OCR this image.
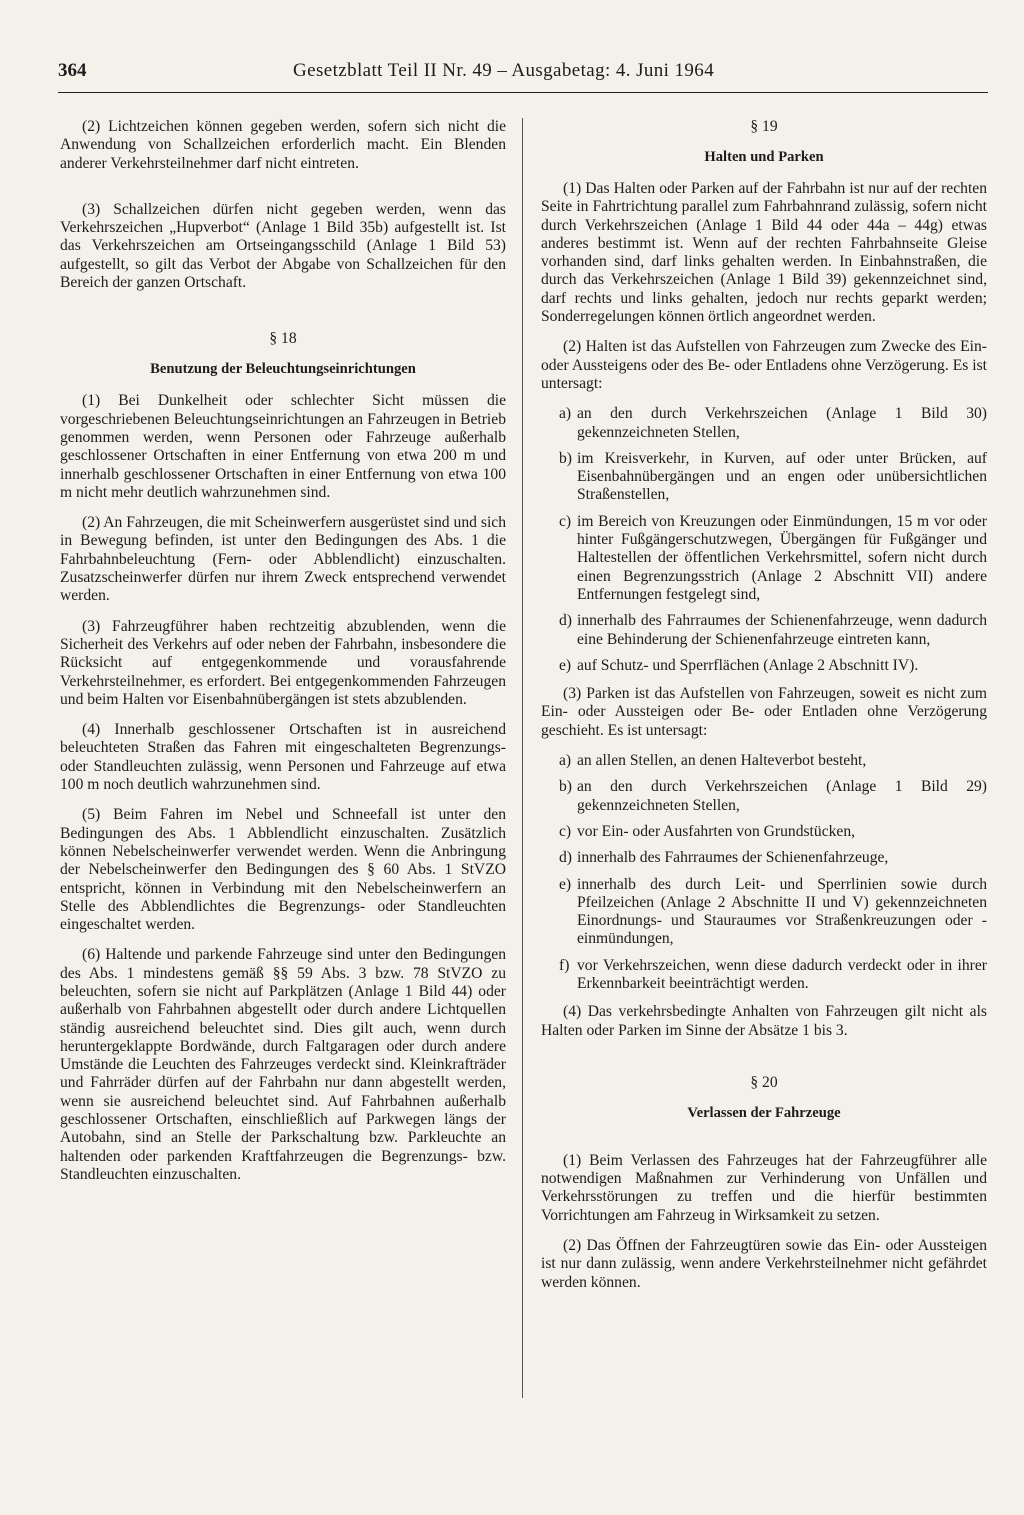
364	Gesetzblatt Teil II Nr. 49 – Ausgabetag: 4. Juni 1964

(2) Lichtzeichen können gegeben werden, sofern sich nicht die Anwendung von Schallzeichen erforderlich macht. Ein Blenden anderer Verkehrsteilnehmer darf nicht eintreten.

(3) Schallzeichen dürfen nicht gegeben werden, wenn das Verkehrszeichen „Hupverbot“ (Anlage 1 Bild 35b) aufgestellt ist. Ist das Verkehrszeichen am Ortseingangsschild (Anlage 1 Bild 53) aufgestellt, so gilt das Verbot der Abgabe von Schallzeichen für den Bereich der ganzen Ortschaft.

§ 18
Benutzung der Beleuchtungseinrichtungen

(1) Bei Dunkelheit oder schlechter Sicht müssen die vorgeschriebenen Beleuchtungseinrichtungen an Fahrzeugen in Betrieb genommen werden, wenn Personen oder Fahrzeuge außerhalb geschlossener Ortschaften in einer Entfernung von etwa 200 m und innerhalb geschlossener Ortschaften in einer Entfernung von etwa 100 m nicht mehr deutlich wahrzunehmen sind.

(2) An Fahrzeugen, die mit Scheinwerfern ausgerüstet sind und sich in Bewegung befinden, ist unter den Bedingungen des Abs. 1 die Fahrbahnbeleuchtung (Fern- oder Abblendlicht) einzuschalten. Zusatzscheinwerfer dürfen nur ihrem Zweck entsprechend verwendet werden.

(3) Fahrzeugführer haben rechtzeitig abzublenden, wenn die Sicherheit des Verkehrs auf oder neben der Fahrbahn, insbesondere die Rücksicht auf entgegenkommende und vorausfahrende Verkehrsteilnehmer, es erfordert. Bei entgegenkommenden Fahrzeugen und beim Halten vor Eisenbahnübergängen ist stets abzublenden.

(4) Innerhalb geschlossener Ortschaften ist in ausreichend beleuchteten Straßen das Fahren mit eingeschalteten Begrenzungs- oder Standleuchten zulässig, wenn Personen und Fahrzeuge auf etwa 100 m noch deutlich wahrzunehmen sind.

(5) Beim Fahren im Nebel und Schneefall ist unter den Bedingungen des Abs. 1 Abblendlicht einzuschalten. Zusätzlich können Nebelscheinwerfer verwendet werden. Wenn die Anbringung der Nebelscheinwerfer den Bedingungen des § 60 Abs. 1 StVZO entspricht, können in Verbindung mit den Nebelscheinwerfern an Stelle des Abblendlichtes die Begrenzungs- oder Standleuchten eingeschaltet werden.

(6) Haltende und parkende Fahrzeuge sind unter den Bedingungen des Abs. 1 mindestens gemäß §§ 59 Abs. 3 bzw. 78 StVZO zu beleuchten, sofern sie nicht auf Parkplätzen (Anlage 1 Bild 44) oder außerhalb von Fahrbahnen abgestellt oder durch andere Lichtquellen ständig ausreichend beleuchtet sind. Dies gilt auch, wenn durch heruntergeklappte Bordwände, durch Faltgaragen oder durch andere Umstände die Leuchten des Fahrzeuges verdeckt sind. Kleinkrafträder und Fahrräder dürfen auf der Fahrbahn nur dann abgestellt werden, wenn sie ausreichend beleuchtet sind. Auf Fahrbahnen außerhalb geschlossener Ortschaften, einschließlich auf Parkwegen längs der Autobahn, sind an Stelle der Parkschaltung bzw. Parkleuchte an haltenden oder parkenden Kraftfahrzeugen die Begrenzungs- bzw. Standleuchten einzuschalten.

§ 19
Halten und Parken

(1) Das Halten oder Parken auf der Fahrbahn ist nur auf der rechten Seite in Fahrtrichtung parallel zum Fahrbahnrand zulässig, sofern nicht durch Verkehrszeichen (Anlage 1 Bild 44 oder 44a – 44g) etwas anderes bestimmt ist. Wenn auf der rechten Fahrbahnseite Gleise vorhanden sind, darf links gehalten werden. In Einbahnstraßen, die durch das Verkehrszeichen (Anlage 1 Bild 39) gekennzeichnet sind, darf rechts und links gehalten, jedoch nur rechts geparkt werden; Sonderregelungen können örtlich angeordnet werden.

(2) Halten ist das Aufstellen von Fahrzeugen zum Zwecke des Ein- oder Aussteigens oder des Be- oder Entladens ohne Verzögerung. Es ist untersagt:

a) an den durch Verkehrszeichen (Anlage 1 Bild 30) gekennzeichneten Stellen,
b) im Kreisverkehr, in Kurven, auf oder unter Brücken, auf Eisenbahnübergängen und an engen oder unübersichtlichen Straßenstellen,
c) im Bereich von Kreuzungen oder Einmündungen, 15 m vor oder hinter Fußgängerschutzwegen, Übergängen für Fußgänger und Haltestellen der öffentlichen Verkehrsmittel, sofern nicht durch einen Begrenzungsstrich (Anlage 2 Abschnitt VII) andere Entfernungen festgelegt sind,
d) innerhalb des Fahrraumes der Schienenfahrzeuge, wenn dadurch eine Behinderung der Schienenfahrzeuge eintreten kann,
e) auf Schutz- und Sperrflächen (Anlage 2 Abschnitt IV).

(3) Parken ist das Aufstellen von Fahrzeugen, soweit es nicht zum Ein- oder Aussteigen oder Be- oder Entladen ohne Verzögerung geschieht. Es ist untersagt:

a) an allen Stellen, an denen Halteverbot besteht,
b) an den durch Verkehrszeichen (Anlage 1 Bild 29) gekennzeichneten Stellen,
c) vor Ein- oder Ausfahrten von Grundstücken,
d) innerhalb des Fahrraumes der Schienenfahrzeuge,
e) innerhalb des durch Leit- und Sperrlinien sowie durch Pfeilzeichen (Anlage 2 Abschnitte II und V) gekennzeichneten Einordnungs- und Stauraumes vor Straßenkreuzungen oder -einmündungen,
f) vor Verkehrszeichen, wenn diese dadurch verdeckt oder in ihrer Erkennbarkeit beeinträchtigt werden.

(4) Das verkehrsbedingte Anhalten von Fahrzeugen gilt nicht als Halten oder Parken im Sinne der Absätze 1 bis 3.

§ 20
Verlassen der Fahrzeuge

(1) Beim Verlassen des Fahrzeuges hat der Fahrzeugführer alle notwendigen Maßnahmen zur Verhinderung von Unfällen und Verkehrsstörungen zu treffen und die hierfür bestimmten Vorrichtungen am Fahrzeug in Wirksamkeit zu setzen.

(2) Das Öffnen der Fahrzeugtüren sowie das Ein- oder Aussteigen ist nur dann zulässig, wenn andere Verkehrsteilnehmer nicht gefährdet werden können.
